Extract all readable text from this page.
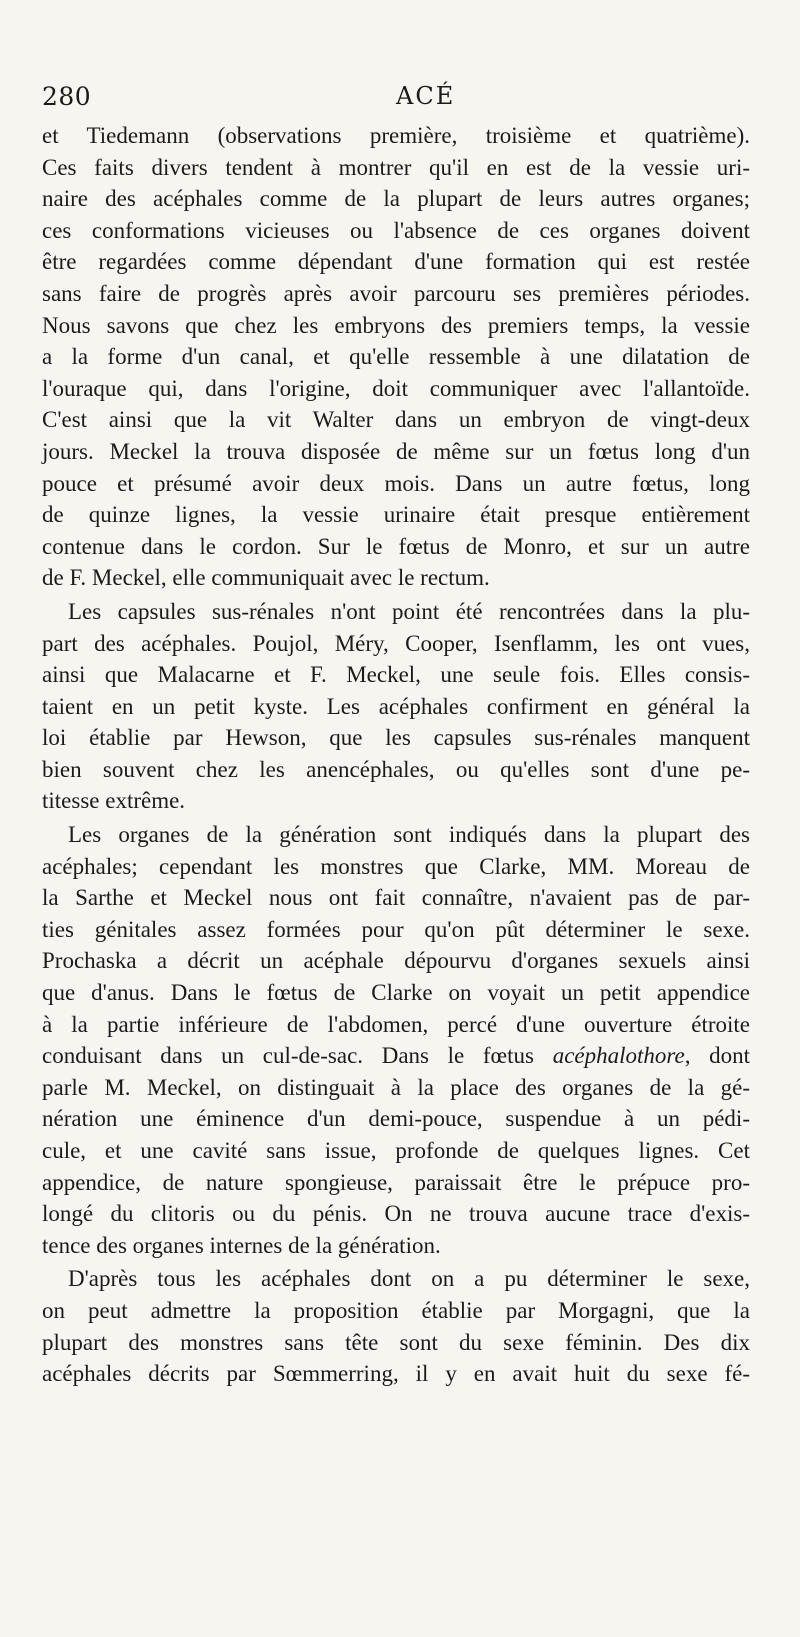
280	ACÉ
et Tiedemann (observations première, troisième et quatrième).
Ces faits divers tendent à montrer qu'il en est de la vessie uri-
naire des acéphales comme de la plupart de leurs autres organes;
ces conformations vicieuses ou l'absence de ces organes doivent
être regardées comme dépendant d'une formation qui est restée
sans faire de progrès après avoir parcouru ses premières périodes.
Nous savons que chez les embryons des premiers temps, la vessie
a la forme d'un canal, et qu'elle ressemble à une dilatation de
l'ouraque qui, dans l'origine, doit communiquer avec l'allantoïde.
C'est ainsi que la vit Walter dans un embryon de vingt-deux
jours. Meckel la trouva disposée de même sur un fœtus long d'un
pouce et présumé avoir deux mois. Dans un autre fœtus, long
de quinze lignes, la vessie urinaire était presque entièrement
contenue dans le cordon. Sur le fœtus de Monro, et sur un autre
de F. Meckel, elle communiquait avec le rectum.
Les capsules sus-rénales n'ont point été rencontrées dans la plu-
part des acéphales. Poujol, Méry, Cooper, Isenflamm, les ont vues,
ainsi que Malacarne et F. Meckel, une seule fois. Elles consis-
taient en un petit kyste. Les acéphales confirment en général la
loi établie par Hewson, que les capsules sus-rénales manquent
bien souvent chez les anencéphales, ou qu'elles sont d'une pe-
titesse extrême.
Les organes de la génération sont indiqués dans la plupart des
acéphales; cependant les monstres que Clarke, MM. Moreau de
la Sarthe et Meckel nous ont fait connaître, n'avaient pas de par-
ties génitales assez formées pour qu'on pût déterminer le sexe.
Prochaska a décrit un acéphale dépourvu d'organes sexuels ainsi
que d'anus. Dans le fœtus de Clarke on voyait un petit appendice
à la partie inférieure de l'abdomen, percé d'une ouverture étroite
conduisant dans un cul-de-sac. Dans le fœtus acéphalothore, dont
parle M. Meckel, on distinguait à la place des organes de la gé-
nération une éminence d'un demi-pouce, suspendue à un pédi-
cule, et une cavité sans issue, profonde de quelques lignes. Cet
appendice, de nature spongieuse, paraissait être le prépuce pro-
longé du clitoris ou du pénis. On ne trouva aucune trace d'exis-
tence des organes internes de la génération.
D'après tous les acéphales dont on a pu déterminer le sexe,
on peut admettre la proposition établie par Morgagni, que la
plupart des monstres sans tête sont du sexe féminin. Des dix
acéphales décrits par Sœmmerring, il y en avait huit du sexe fé-
